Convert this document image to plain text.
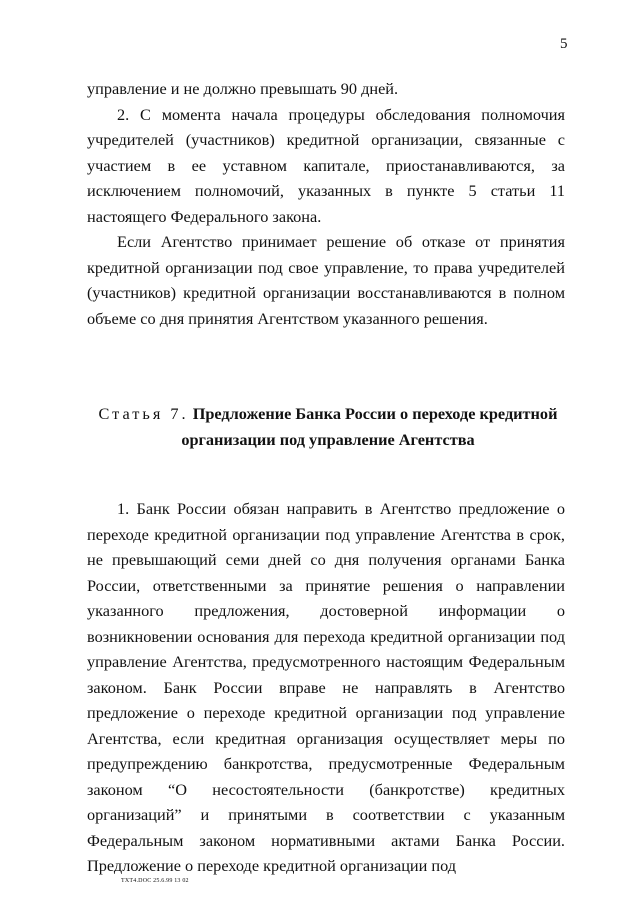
5

управление и не должно превышать 90 дней.

2. С момента начала процедуры обследования полномочия учредителей (участников) кредитной организации, связанные с участием в ее уставном капитале, приостанавливаются, за исключением полномочий, указанных в пункте 5 статьи 11 настоящего Федерального закона.

Если Агентство принимает решение об отказе от принятия кредитной организации под свое управление, то права учредителей (участников) кредитной организации восстанавливаются в полном объеме со дня принятия Агентством указанного решения.

Статья 7. Предложение Банка России о переходе кредитной организации под управление Агентства

1. Банк России обязан направить в Агентство предложение о переходе кредитной организации под управление Агентства в срок, не превышающий семи дней со дня получения органами Банка России, ответственными за принятие решения о направлении указанного предложения, достоверной информации о возникновении основания для перехода кредитной организации под управление Агентства, предусмотренного настоящим Федеральным законом. Банк России вправе не направлять в Агентство предложение о переходе кредитной организации под управление Агентства, если кредитная организация осуществляет меры по предупреждению банкротства, предусмотренные Федеральным законом “О несостоятельности (банкротстве) кредитных организаций” и принятыми в соответствии с указанным Федеральным законом нормативными актами Банка России. Предложение о переходе кредитной организации под

TXT4.DOC 25.6.99 13 02
